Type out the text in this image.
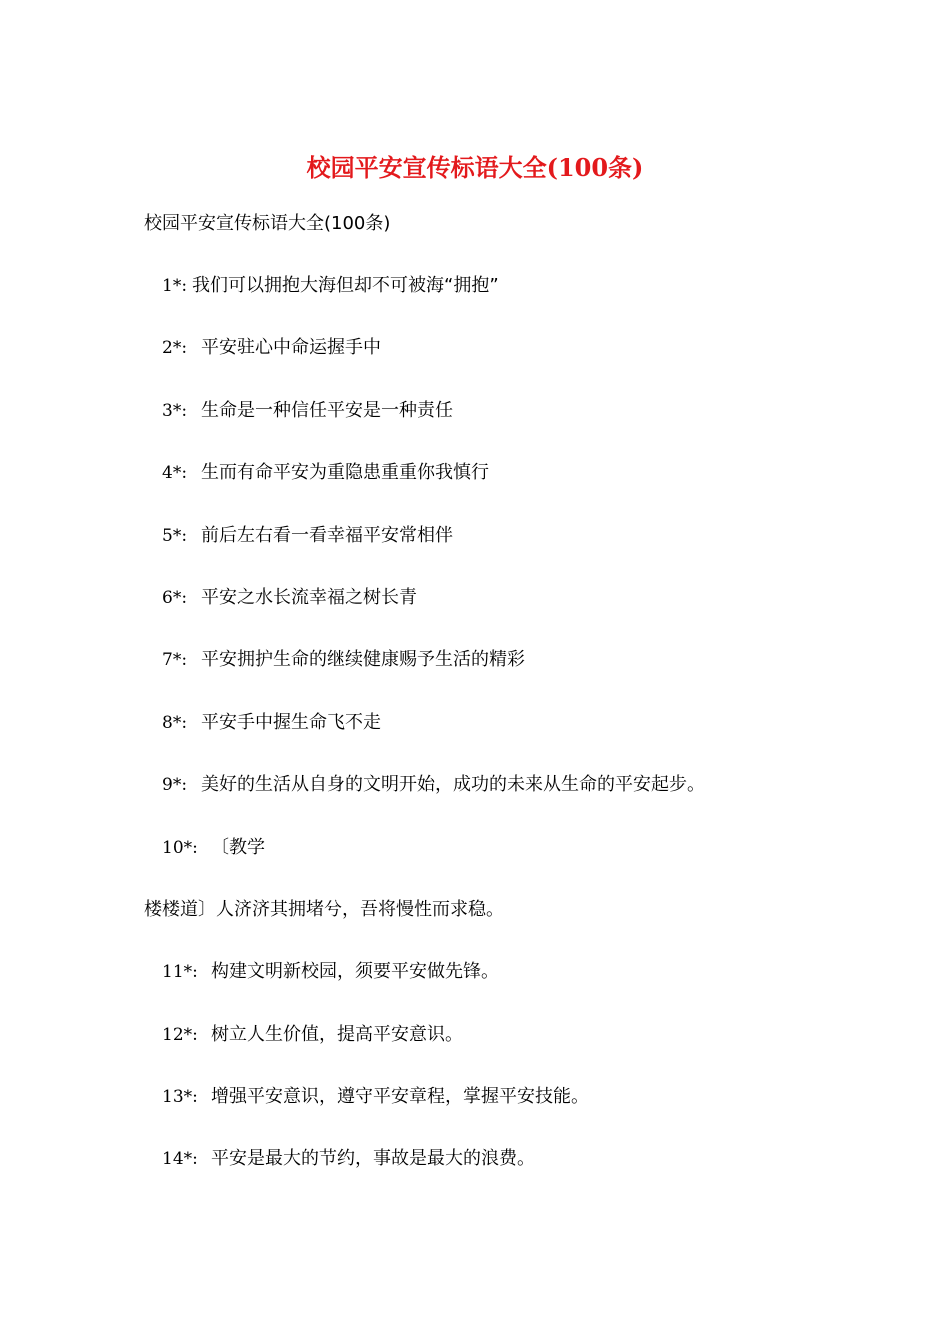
校园平安宣传标语大全(100条)

校园平安宣传标语大全(100条)

1*: 我们可以拥抱大海但却不可被海“拥抱”
2*: 平安驻心中命运握手中
3*: 生命是一种信任平安是一种责任
4*: 生而有命平安为重隐患重重你我慎行
5*: 前后左右看一看幸福平安常相伴
6*: 平安之水长流幸福之树长青
7*: 平安拥护生命的继续健康赐予生活的精彩
8*: 平安手中握生命飞不走
9*: 美好的生活从自身的文明开始，成功的未来从生命的平安起步。
10*: 〔教学
楼楼道〕人济济其拥堵兮，吾将慢性而求稳。
11*: 构建文明新校园，须要平安做先锋。
12*: 树立人生价值，提高平安意识。
13*: 增强平安意识，遵守平安章程，掌握平安技能。
14*: 平安是最大的节约，事故是最大的浪费。
